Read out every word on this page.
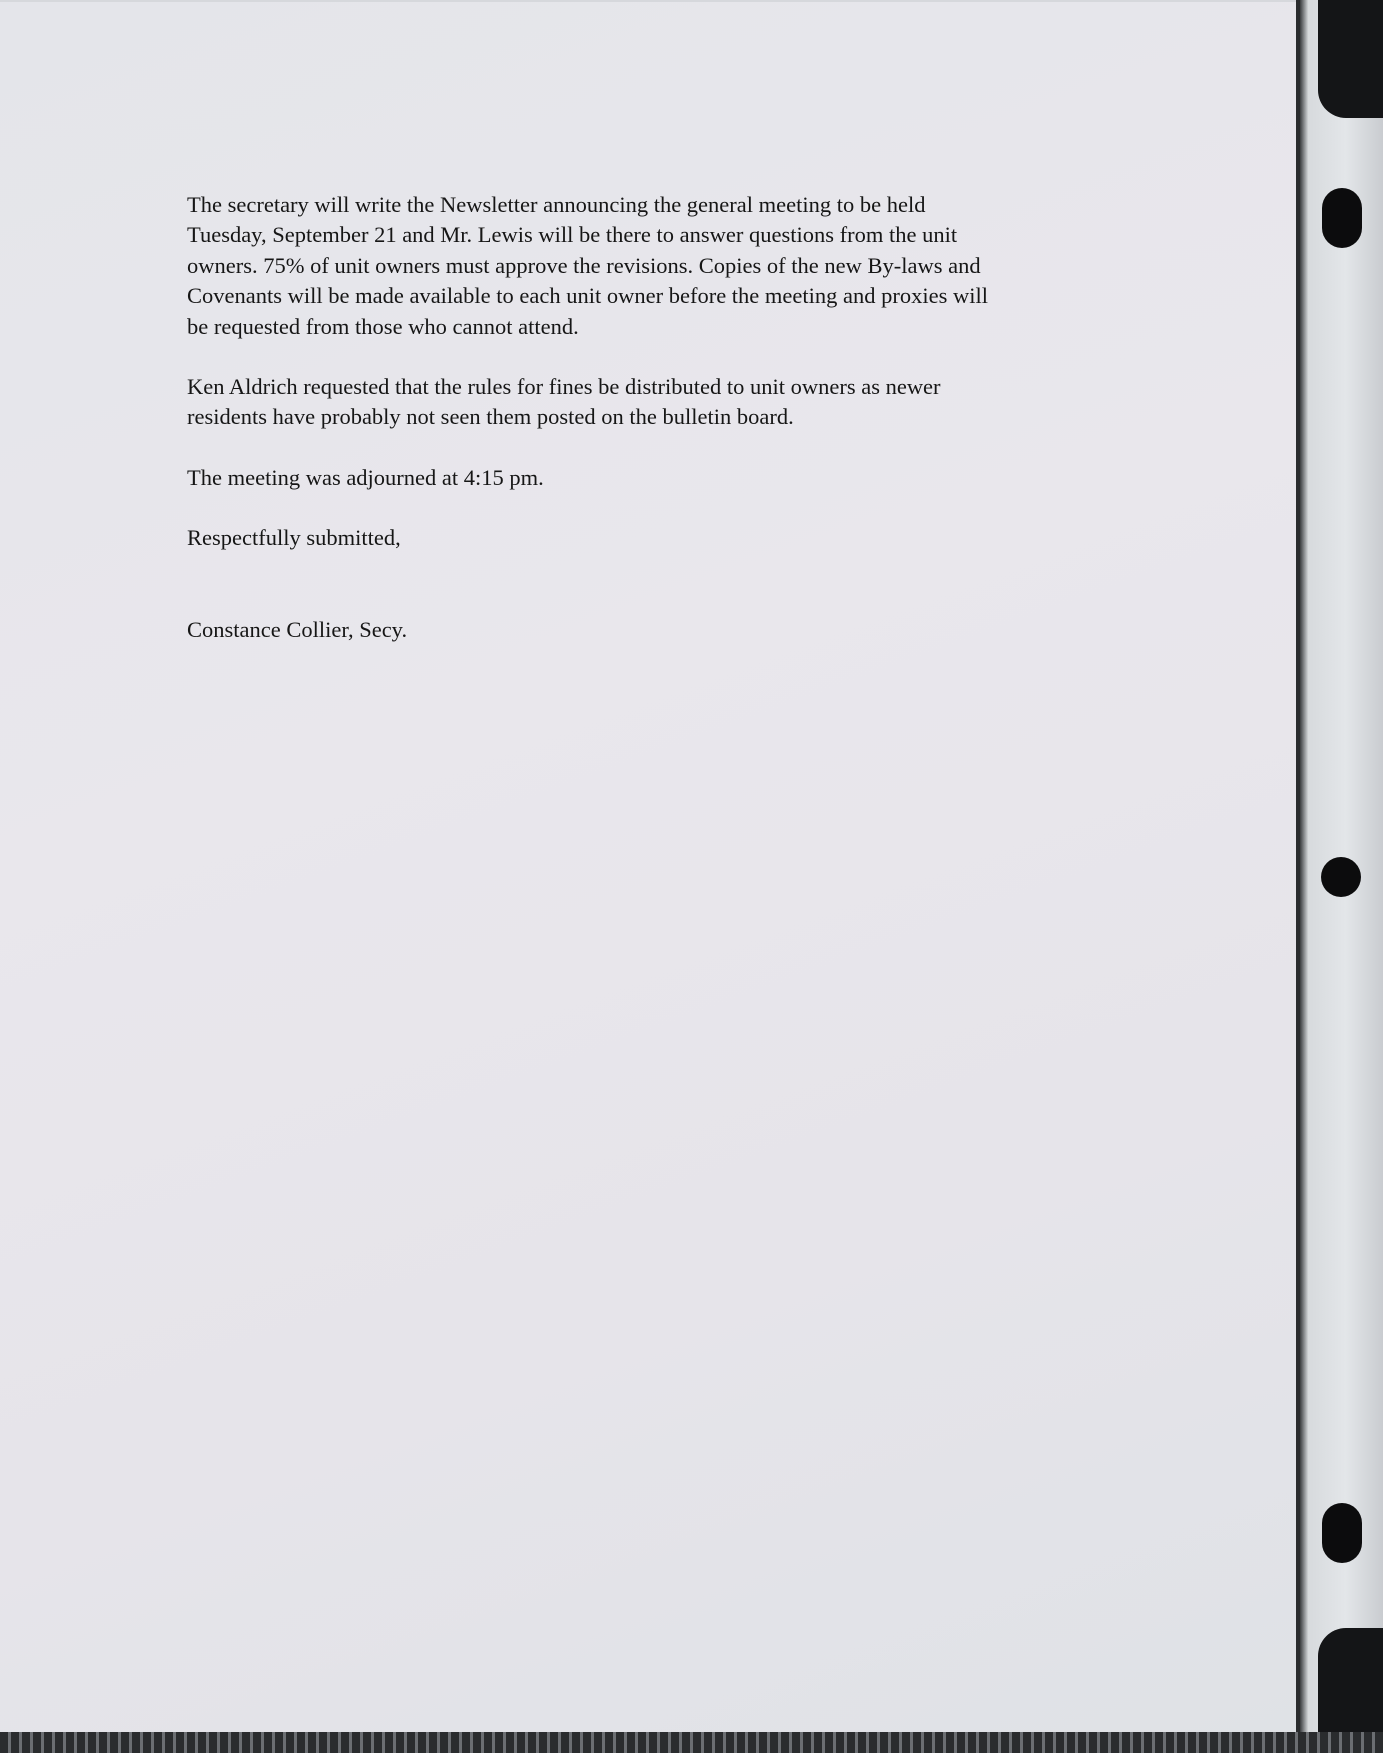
The secretary will write the Newsletter announcing the general meeting to be held
Tuesday, September 21 and Mr. Lewis will be there to answer questions from the unit
owners. 75% of unit owners must approve the revisions. Copies of the new By-laws and
Covenants will be made available to each unit owner before the meeting and proxies will
be requested from those who cannot attend.

Ken Aldrich requested that the rules for fines be distributed to unit owners as newer
residents have probably not seen them posted on the bulletin board.

The meeting was adjourned at 4:15 pm.

Respectfully submitted,

Constance Collier, Secy.
